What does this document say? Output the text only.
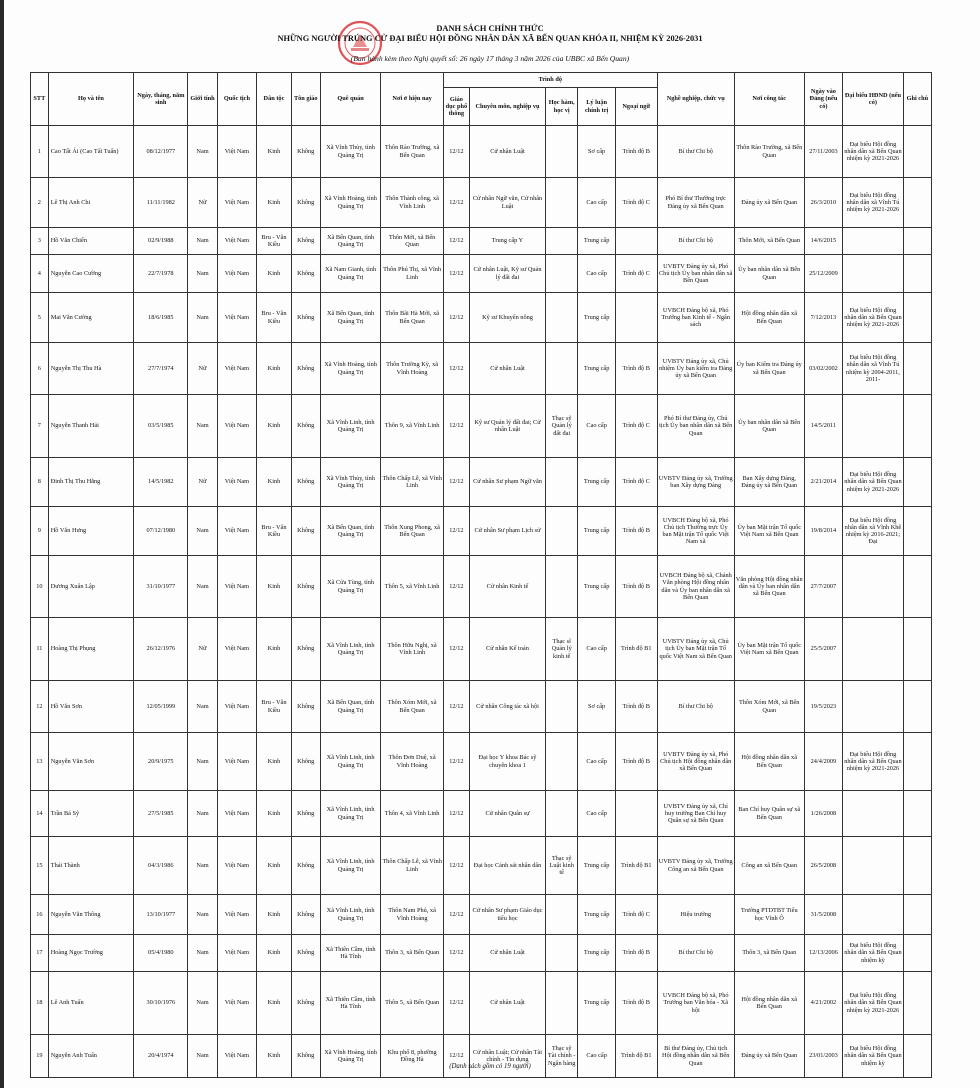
DANH SÁCH CHÍNH THỨC
NHỮNG NGƯỜI TRÚNG CỬ ĐẠI BIỂU HỘI ĐỒNG NHÂN DÂN XÃ BẾN QUAN KHÓA II, NHIỆM KỲ 2026-2031
(Ban hành kèm theo Nghị quyết số: 26 ngày 17 tháng 3 năm 2026 của UBBC xã Bến Quan)
STT	Họ và tên	Ngày, tháng, năm sinh	Giới tính	Quốc tịch	Dân tộc	Tôn giáo	Quê quán	Nơi ở hiện nay	Trình độ					Nghề nghiệp, chức vụ	Nơi công tác	Ngày vào Đảng (nếu có)	Đại biểu HĐND (nếu có)	Ghi chú
									Giáo dục phổ thông	Chuyên môn, nghiệp vụ	Học hàm, học vị	Lý luận chính trị	Ngoại ngữ					
1	Cao Tất Ái (Cao Tất Tuấn)	08/12/1977	Nam	Việt Nam	Kinh	Không	Xã Vĩnh Thủy, tỉnh Quảng Trị	Thôn Rào Trường, xã Bến Quan	12/12	Cử nhân Luật		Sơ cấp	Trình độ B	Bí thư Chi bộ	Thôn Rào Trường, xã Bến Quan	27/11/2003	Đại biểu Hội đồng nhân dân xã Bến Quan nhiệm kỳ 2021-2026	
2	Lê Thị Anh Chi	11/11/1982	Nữ	Việt Nam	Kinh	Không	Xã Vĩnh Hoàng, tỉnh Quảng Trị	Thôn Thành công, xã Vĩnh Linh	12/12	Cử nhân Ngữ văn, Cử nhân Luật		Cao cấp	Trình độ C	Phó Bí thư Thường trực Đảng ủy xã Bến Quan	Đảng ủy xã Bến Quan	26/3/2010	Đại biểu Hội đồng nhân dân xã Vĩnh Tú nhiệm kỳ 2021-2026	
3	Hồ Văn Chiến	02/9/1988	Nam	Việt Nam	Bru - Vân Kiều	Không	Xã Bến Quan, tỉnh Quảng Trị	Thôn Mới, xã Bến Quan	12/12	Trung cấp Y		Trung cấp		Bí thư Chi bộ	Thôn Mới, xã Bến Quan	14/6/2015		
4	Nguyễn Cao Cường	22/7/1978	Nam	Việt Nam	Kinh	Không	Xã Nam Gianh, tỉnh Quảng Trị	Thôn Phú Thị, xã Vĩnh Linh	12/12	Cử nhân Luật, Kỹ sư Quản lý đất đai		Cao cấp	Trình độ C	UVBTV Đảng ủy xã, Phó Chủ tịch Ủy ban nhân dân xã Bến Quan	Ủy ban nhân dân xã Bến Quan	25/12/2009		
5	Mai Văn Cường	18/6/1985	Nam	Việt Nam	Bru - Vân Kiều	Không	Xã Bến Quan, tỉnh Quảng Trị	Thôn Bãi Hà Mới, xã Bến Quan	12/12	Kỹ sư Khuyến nông		Trung cấp		UVBCH Đảng bộ xã, Phó Trưởng ban Kinh tế - Ngân sách	Hội đồng nhân dân xã Bến Quan	7/12/2013	Đại biểu Hội đồng nhân dân xã Bến Quan nhiệm kỳ 2021-2026	
6	Nguyễn Thị Thu Hà	27/7/1974	Nữ	Việt Nam	Kinh	Không	Xã Vĩnh Hoàng, tỉnh Quảng Trị	Thôn Trường Kỳ, xã Vĩnh Hoàng	12/12	Cử nhân Luật		Trung cấp	Trình độ B	UVBTV Đảng ủy xã, Chủ nhiệm Ủy ban kiểm tra Đảng ủy xã Bến Quan	Ủy ban Kiểm tra Đảng ủy xã Bến Quan	03/02/2002	Đại biểu Hội đồng nhân dân xã Vĩnh Tú nhiệm kỳ 2004-2011, 2011-	
7	Nguyễn Thanh Hải	03/5/1985	Nam	Việt Nam	Kinh	Không	Xã Vĩnh Linh, tỉnh Quảng Trị	Thôn 9, xã Vĩnh Linh	12/12	Kỹ sư Quản lý đất đai; Cử nhân Luật	Thạc sỹ Quản lý đất đai	Cao cấp	Trình độ C	Phó Bí thư Đảng ủy, Chủ tịch Ủy ban nhân dân xã Bến Quan	Ủy ban nhân dân xã Bến Quan	14/5/2011		
8	Đinh Thị Thu Hằng	14/5/1982	Nữ	Việt Nam	Kinh	Không	Xã Vĩnh Thủy, tỉnh Quảng Trị	Thôn Chấp Lễ, xã Vĩnh Linh	12/12	Cử nhân Sư phạm Ngữ văn		Trung cấp	Trình độ C	UVBTV Đảng ủy xã, Trưởng ban Xây dựng Đảng	Ban Xây dựng Đảng, Đảng ủy xã Bến Quan	2/21/2014	Đại biểu Hội đồng nhân dân xã Bến Quan nhiệm kỳ 2021-2026	
9	Hồ Văn Hưng	07/12/1980	Nam	Việt Nam	Bru - Vân Kiều	Không	Xã Bến Quan, tỉnh Quảng Trị	Thôn Xung Phong, xã Bến Quan	12/12	Cử nhân Sư phạm Lịch sử		Trung cấp	Trình độ B	UVBCH Đảng bộ xã, Phó Chủ tịch Thường trực Ủy ban Mặt trận Tổ quốc Việt Nam xã	Ủy ban Mặt trận Tổ quốc Việt Nam xã Bến Quan	19/8/2014	Đại biểu Hội đồng nhân dân xã Vĩnh Khê nhiệm kỳ 2016-2021; Đại	
10	Dương Xuân Lập	31/10/1977	Nam	Việt Nam	Kinh	Không	Xã Cửa Tùng, tỉnh Quảng Trị	Thôn 5, xã Vĩnh Linh	12/12	Cử nhân Kinh tế		Trung cấp	Trình độ B	UVBCH Đảng bộ xã, Chánh Văn phòng Hội đồng nhân dân và Ủy ban nhân dân xã Bến Quan	Văn phòng Hội đồng nhân dân và Ủy ban nhân dân xã Bến Quan	27/7/2007		
11	Hoàng Thị Phụng	26/12/1976	Nữ	Việt Nam	Kinh	Không	Xã Vĩnh Linh, tỉnh Quảng Trị	Thôn Hữu Nghị, xã Vĩnh Linh	12/12	Cử nhân Kế toán	Thạc sĩ Quản lý kinh tế	Cao cấp	Trình độ B1	UVBTV Đảng ủy xã, Chủ tịch Ủy ban Mặt trận Tổ quốc Việt Nam xã Bến Quan	Ủy ban Mặt trận Tổ quốc Việt Nam xã Bến Quan	25/5/2007		
12	Hồ Văn Sơn	12/05/1999	Nam	Việt Nam	Bru - Vân Kiều	Không	Xã Bến Quan, tỉnh Quảng Trị	Thôn Xóm Mới, xã Bến Quan	12/12	Cử nhân Công tác xã hội		Sơ cấp	Trình độ B	Bí thư Chi bộ	Thôn Xóm Mới, xã Bến Quan	19/5/2023		
13	Nguyễn Văn Sơn	20/9/1975	Nam	Việt Nam	Kinh	Không	Xã Vĩnh Linh, tỉnh Quảng Trị	Thôn Đơn Duệ, xã Vĩnh Hoàng	12/12	Đại học Y khoa Bác sỹ chuyên khoa 1		Cao cấp	Trình độ B	UVBTV Đảng ủy xã, Phó Chủ tịch Hội đồng nhân dân xã Bến Quan	Hội đồng nhân dân xã Bến Quan	24/4/2009	Đại biểu Hội đồng nhân dân xã Bến Quan nhiệm kỳ 2021-2026	
14	Trần Bá Sỹ	27/5/1985	Nam	Việt Nam	Kinh	Không	Xã Vĩnh Linh, tỉnh Quảng Trị	Thôn 4, xã Vĩnh Linh	12/12	Cử nhân Quân sự		Cao cấp		UVBTV Đảng ủy xã, Chỉ huy trưởng Ban Chỉ huy Quân sự xã Bến Quan	Ban Chỉ huy Quân sự xã Bến Quan	1/26/2008		
15	Thái Thành	04/3/1986	Nam	Việt Nam	Kinh	Không	Xã Vĩnh Linh, tỉnh Quảng Trị	Thôn Chấp Lễ, xã Vĩnh Linh	12/12	Đại học Cảnh sát nhân dân	Thạc sỹ Luật kinh tế	Trung cấp	Trình độ B1	UVBTV Đảng ủy xã, Trưởng Công an xã Bến Quan	Công an xã Bến Quan	26/5/2008		
16	Nguyễn Văn Thông	13/10/1977	Nam	Việt Nam	Kinh	Không	Xã Vĩnh Linh, tỉnh Quảng Trị	Thôn Nam Phú, xã Vĩnh Hoàng	12/12	Cử nhân Sư phạm Giáo dục tiểu học		Trung cấp	Trình độ C	Hiệu trưởng	Trường PTDTBT Tiểu học Vĩnh Ô	31/5/2008		
17	Hoàng Ngọc Trường	05/4/1980	Nam	Việt Nam	Kinh	Không	Xã Thiên Cầm, tỉnh Hà Tĩnh	Thôn 3, xã Bến Quan	12/12	Cử nhân Luật		Trung cấp	Trình độ B	Bí thư Chi bộ	Thôn 3, xã Bến Quan	12/13/2006	Đại biểu Hội đồng nhân dân xã Bến Quan nhiệm kỳ	
18	Lê Anh Tuấn	30/10/1976	Nam	Việt Nam	Kinh	Không	Xã Thiên Cầm, tỉnh Hà Tĩnh	Thôn 5, xã Bến Quan	12/12	Cử nhân Luật		Trung cấp	Trình độ B	UVBCH Đảng bộ xã, Phó Trưởng ban Văn hóa - Xã hội	Hội đồng nhân dân xã Bến Quan	4/21/2002	Đại biểu Hội đồng nhân dân xã Bến Quan nhiệm kỳ 2021-2026	
19	Nguyễn Anh Tuấn	20/4/1974	Nam	Việt Nam	Kinh	Không	Xã Vĩnh Hoàng, tỉnh Quảng Trị	Khu phố 8, phường Đồng Hà	12/12	Cử nhân Luật; Cử nhân Tài chính - Tín dụng	Thạc sỹ Tài chính - Ngân hàng	Cao cấp	Trình độ B1	Bí thư Đảng ủy, Chủ tịch Hội đồng nhân dân xã Bến Quan	Đảng ủy xã Bến Quan	23/01/2003	Đại biểu Hội đồng nhân dân xã Bến Quan nhiệm kỳ	
(Danh sách gồm có 19 người)
